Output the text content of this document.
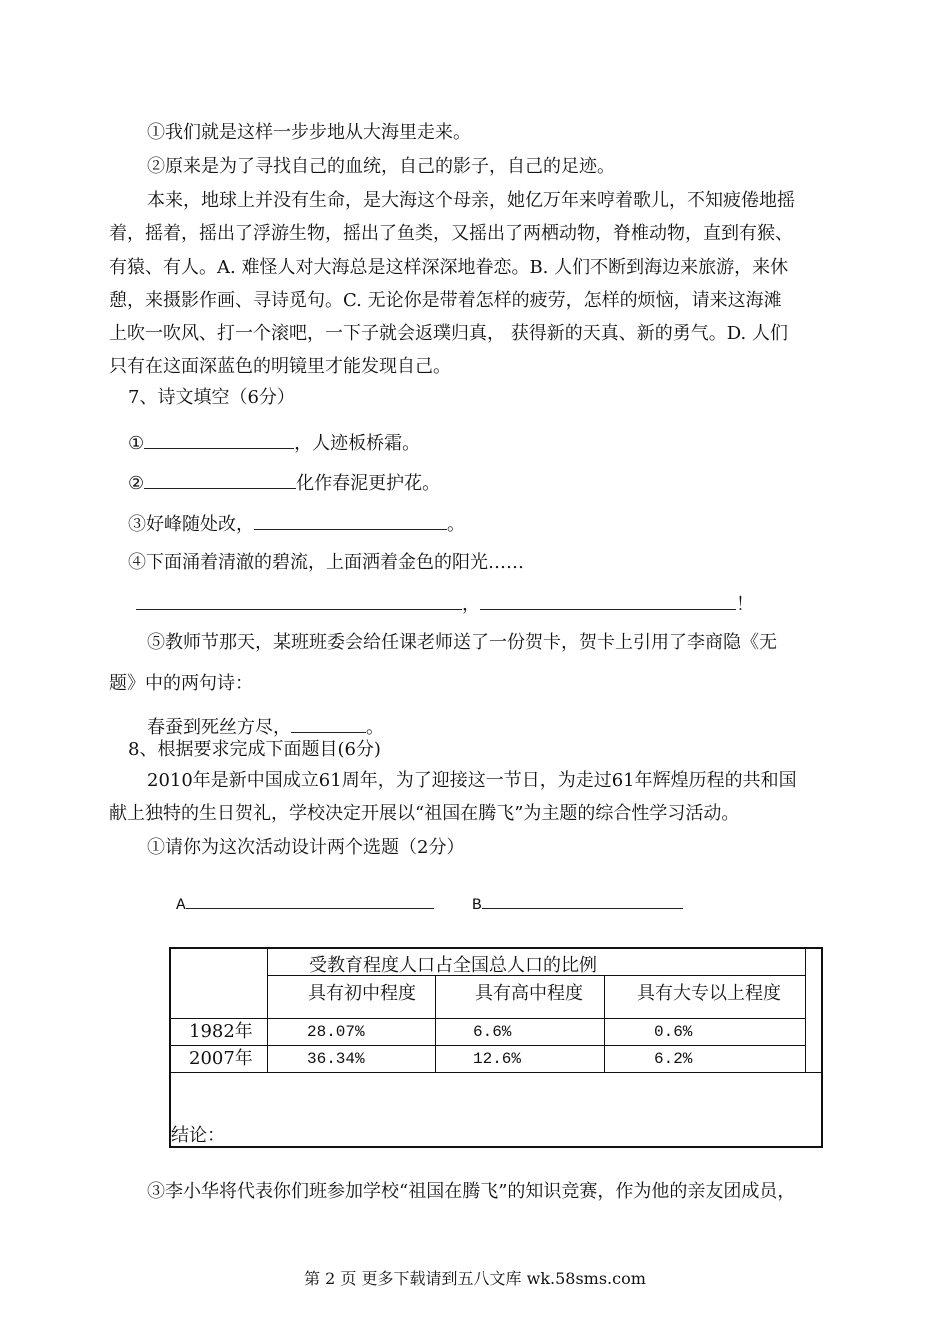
①我们就是这样一步步地从大海里走来。
②原来是为了寻找自己的血统，自己的影子，自己的足迹。
本来，地球上并没有生命，是大海这个母亲，她亿万年来哼着歌儿，不知疲倦地摇
着，摇着，摇出了浮游生物，摇出了鱼类，又摇出了两栖动物，脊椎动物，直到有猴、
有猿、有人。A. 难怪人对大海总是这样深深地眷恋。B. 人们不断到海边来旅游，来休
憩，来摄影作画、寻诗觅句。C. 无论你是带着怎样的疲劳，怎样的烦恼，请来这海滩
上吹一吹风、打一个滚吧，一下子就会返璞归真， 获得新的天真、新的勇气。D. 人们
只有在这面深蓝色的明镜里才能发现自己。
7、诗文填空（6分）
①	，人迹板桥霜。
②	化作春泥更护花。
③好峰随处改，	。
④下面涌着清澈的碧流，上面洒着金色的阳光……
，	！
⑤教师节那天，某班班委会给任课老师送了一份贺卡，贺卡上引用了李商隐《无
题》中的两句诗：
春蚕到死丝方尽，	。
8、根据要求完成下面题目(6分)
2010年是新中国成立61周年，为了迎接这一节日，为走过61年辉煌历程的共和国
献上独特的生日贺礼，学校决定开展以“祖国在腾飞”为主题的综合性学习活动。
①请你为这次活动设计两个选题（2分）
A	B
受教育程度人口占全国总人口的比例
具有初中程度	具有高中程度	具有大专以上程度
1982年	28.07%	6.6%	0.6%
2007年	36.34%	12.6%	6.2%
结论：
③李小华将代表你们班参加学校“祖国在腾飞”的知识竞赛，作为他的亲友团成员，
第 2 页 更多下载请到五八文库 wk.58sms.com
